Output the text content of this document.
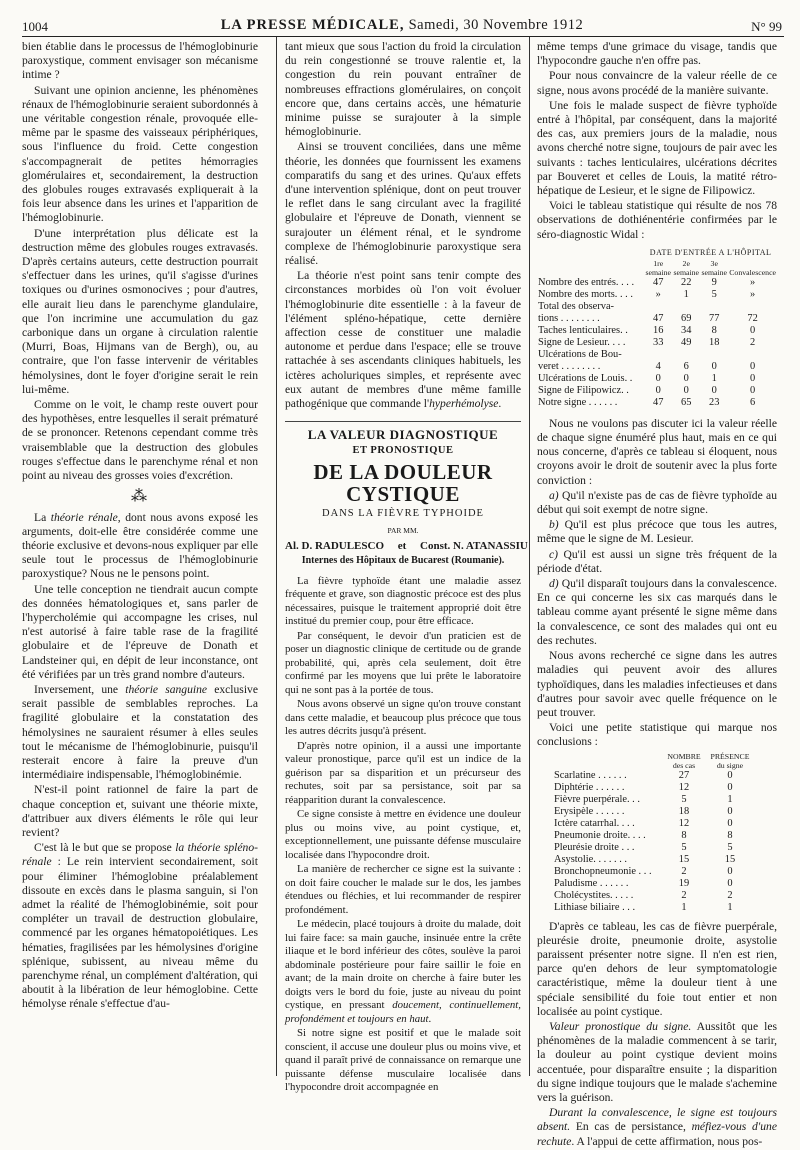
1004	LA PRESSE MÉDICALE, Samedi, 30 Novembre 1912	N° 99

bien établie dans le processus de l'hémoglobinurie paroxystique, comment envisager son mécanisme intime ?

Suivant une opinion ancienne, les phénomènes rénaux de l'hémoglobinurie seraient subordonnés à une véritable congestion rénale, provoquée elle-même par le spasme des vaisseaux périphériques, sous l'influence du froid. Cette congestion s'accompagnerait de petites hémorragies glomérulaires et, secondairement, la destruction des globules rouges extravasés expliquerait à la fois leur absence dans les urines et l'apparition de l'hémoglobinurie.

D'une interprétation plus délicate est la destruction même des globules rouges extravasés. D'après certains auteurs, cette destruction pourrait s'effectuer dans les urines, qu'il s'agisse d'urines toxiques ou d'urines osmonocives ; pour d'autres, elle aurait lieu dans le parenchyme glandulaire, que l'on incrimine une accumulation du gaz carbonique dans un organe à circulation ralentie (Murri, Boas, Hijmans van de Bergh), ou, au contraire, que l'on fasse intervenir de véritables hémolysines, dont le foyer d'origine serait le rein lui-même.

Comme on le voit, le champ reste ouvert pour des hypothèses, entre lesquelles il serait prématuré de se prononcer. Retenons cependant comme très vraisemblable que la destruction des globules rouges s'effectue dans le parenchyme rénal et non point au niveau des grosses voies d'excrétion.

⁂

La théorie rénale, dont nous avons exposé les arguments, doit-elle être considérée comme une théorie exclusive et devons-nous expliquer par elle seule tout le processus de l'hémoglobinurie paroxystique? Nous ne le pensons point.

Une telle conception ne tiendrait aucun compte des données hématologiques et, sans parler de l'hypercholémie qui accompagne les crises, nul n'est autorisé à faire table rase de la fragilité globulaire et de l'épreuve de Donath et Landsteiner qui, en dépit de leur inconstance, ont été vérifiées par un très grand nombre d'auteurs.

Inversement, une théorie sanguine exclusive serait passible de semblables reproches. La fragilité globulaire et la constatation des hémolysines ne sauraient résumer à elles seules tout le mécanisme de l'hémoglobinurie, puisqu'il resterait encore à faire la preuve d'un intermédiaire indispensable, l'hémoglobinémie.

N'est-il point rationnel de faire la part de chaque conception et, suivant une théorie mixte, d'attribuer aux divers éléments le rôle qui leur revient?

C'est là le but que se propose la théorie spléno-rénale : Le rein intervient secondairement, soit pour éliminer l'hémoglobine préalablement dissoute en excès dans le plasma sanguin, si l'on admet la réalité de l'hémoglobinémie, soit pour compléter un travail de destruction globulaire, commencé par les organes hématopoiétiques. Les hématies, fragilisées par les hémolysines d'origine splénique, subissent, au niveau même du parenchyme rénal, un complément d'altération, qui aboutit à la libération de leur hémoglobine. Cette hémolyse rénale s'effectue d'au-

tant mieux que sous l'action du froid la circulation du rein congestionné se trouve ralentie et, la congestion du rein pouvant entraîner de nombreuses effractions glomérulaires, on conçoit encore que, dans certains accès, une hématurie minime puisse se surajouter à la simple hémoglobinurie.

Ainsi se trouvent conciliées, dans une même théorie, les données que fournissent les examens comparatifs du sang et des urines. Qu'aux effets d'une intervention splénique, dont on peut trouver le reflet dans le sang circulant avec la fragilité globulaire et l'épreuve de Donath, viennent se surajouter un élément rénal, et le syndrome complexe de l'hémoglobinurie paroxystique sera réalisé.

La théorie n'est point sans tenir compte des circonstances morbides où l'on voit évoluer l'hémoglobinurie dite essentielle : à la faveur de l'élément spléno-hépatique, cette dernière affection cesse de constituer une maladie autonome et perdue dans l'espace; elle se trouve rattachée à ses ascendants cliniques habituels, les ictères acholuriques simples, et représente avec eux autant de membres d'une même famille pathogénique que commande l'hyperhémolyse.

LA VALEUR DIAGNOSTIQUE
ET PRONOSTIQUE
DE LA DOULEUR CYSTIQUE
DANS LA FIÈVRE TYPHOIDE
PAR MM.
Al. D. RADULESCO     et     Const. N. ATANASSIU
Internes des Hôpitaux de Bucarest (Roumanie).

La fièvre typhoïde étant une maladie assez fréquente et grave, son diagnostic précoce est des plus nécessaires, puisque le traitement approprié doit être institué du premier coup, pour être efficace.

Par conséquent, le devoir d'un praticien est de poser un diagnostic clinique de certitude ou de grande probabilité, qui, après cela seulement, doit être confirmé par les moyens que lui prête le laboratoire qui ne sont pas à la portée de tous.

Nous avons observé un signe qu'on trouve constant dans cette maladie, et beaucoup plus précoce que tous les autres décrits jusqu'à présent.

D'après notre opinion, il a aussi une importante valeur pronostique, parce qu'il est un indice de la guérison par sa disparition et un précurseur des rechutes, soit par sa persistance, soit par sa réapparition durant la convalescence.

Ce signe consiste à mettre en évidence une douleur plus ou moins vive, au point cystique, et, exceptionnellement, une puissante défense musculaire localisée dans l'hypocondre droit.

La manière de rechercher ce signe est la suivante : on doit faire coucher le malade sur le dos, les jambes étendues ou fléchies, et lui recommander de respirer profondément.

Le médecin, placé toujours à droite du malade, doit lui faire face: sa main gauche, insinuée entre la crête iliaque et le bord inférieur des côtes, soulève la paroi abdominale postérieure pour faire saillir le foie en avant; de la main droite on cherche à faire buter les doigts vers le bord du foie, juste au niveau du point cystique, en pressant doucement, continuellement, profondément et toujours en haut.

Si notre signe est positif et que le malade soit conscient, il accuse une douleur plus ou moins vive, et quand il paraît privé de connaissance on remarque une puissante défense musculaire localisée dans l'hypocondre droit accompagnée en

même temps d'une grimace du visage, tandis que l'hypocondre gauche n'en offre pas.

Pour nous convaincre de la valeur réelle de ce signe, nous avons procédé de la manière suivante.

Une fois le malade suspect de fièvre typhoïde entré à l'hôpital, par conséquent, dans la majorité des cas, aux premiers jours de la maladie, nous avons cherché notre signe, toujours de pair avec les suivants : taches lenticulaires, ulcérations décrites par Bouveret et celles de Louis, la matité rétro-hépatique de Lesieur, et le signe de Filipowicz.

Voici le tableau statistique qui résulte de nos 78 observations de dothiénentérie confirmées par le séro-diagnostic Widal :

	DATE D'ENTRÉE A L'HÔPITAL			
	1re semaine	2e semaine	3e semaine	Convalescence
Nombre des entrés. . . .	47	22	9	»
Nombre des morts. . . .	»	1	5	»
Total des observa-				
tions . . . . . . . .	47	69	77	72
Taches lenticulaires. .	16	34	8	0
Signe de Lesieur. . . .	33	49	18	2
Ulcérations de Bou-				
veret . . . . . . . .	4	6	0	0
Ulcérations de Louis. .	0	0	1	0
Signe de Filipowicz. .	0	0	0	0
Notre signe . . . . . .	47	65	23	6

Nous ne voulons pas discuter ici la valeur réelle de chaque signe énuméré plus haut, mais en ce qui nous concerne, d'après ce tableau si éloquent, nous croyons avoir le droit de soutenir avec la plus forte conviction :

a) Qu'il n'existe pas de cas de fièvre typhoïde au début qui soit exempt de notre signe.

b) Qu'il est plus précoce que tous les autres, même que le signe de M. Lesieur.

c) Qu'il est aussi un signe très fréquent de la période d'état.

d) Qu'il disparaît toujours dans la convalescence. En ce qui concerne les six cas marqués dans le tableau comme ayant présenté le signe même dans la convalescence, ce sont des malades qui ont eu des rechutes.

Nous avons recherché ce signe dans les autres maladies qui peuvent avoir des allures typhoïdiques, dans les maladies infectieuses et dans d'autres pour savoir avec quelle fréquence on le peut trouver.

Voici une petite statistique qui marque nos conclusions :

	NOMBRE des cas	PRÉSENCE du signe
Scarlatine . . . . . .	27	0
Diphtérie . . . . . .	12	0
Fièvre puerpérale. . .	5	1
Erysipèle . . . . . .	18	0
Ictère catarrhal. . . .	12	0
Pneumonie droite. . . .	8	8
Pleurésie droite . . .	5	5
Asystolie. . . . . . .	15	15
Bronchopneumonie . . .	2	0
Paludisme . . . . . .	19	0
Cholécystites. . . . .	2	2
Lithiase biliaire . . .	1	1

D'après ce tableau, les cas de fièvre puerpérale, pleurésie droite, pneumonie droite, asystolie paraissent présenter notre signe. Il n'en est rien, parce qu'en dehors de leur symptomatologie caractéristique, même la douleur tient à une spéciale sensibilité du foie tout entier et non localisée au point cystique.

Valeur pronostique du signe. Aussitôt que les phénomènes de la maladie commencent à se tarir, la douleur au point cystique devient moins accentuée, pour disparaître ensuite ; la disparition du signe indique toujours que le malade s'achemine vers la guérison.

Durant la convalescence, le signe est toujours absent. En cas de persistance, méfiez-vous d'une rechute. A l'appui de cette affirmation, nous pos-
